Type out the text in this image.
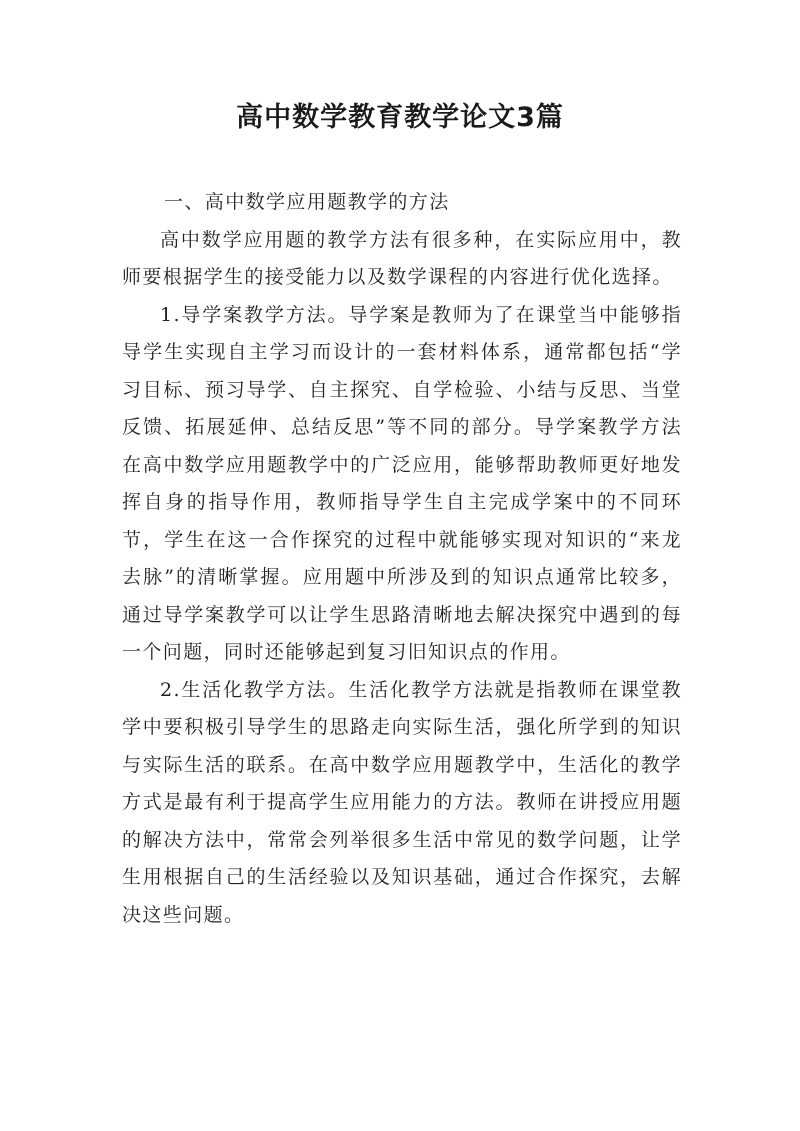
高中数学教育教学论文3篇

一、高中数学应用题教学的方法

高中数学应用题的教学方法有很多种，在实际应用中，教师要根据学生的接受能力以及数学课程的内容进行优化选择。

1.导学案教学方法。导学案是教师为了在课堂当中能够指导学生实现自主学习而设计的一套材料体系，通常都包括“学习目标、预习导学、自主探究、自学检验、小结与反思、当堂反馈、拓展延伸、总结反思”等不同的部分。导学案教学方法在高中数学应用题教学中的广泛应用，能够帮助教师更好地发挥自身的指导作用，教师指导学生自主完成学案中的不同环节，学生在这一合作探究的过程中就能够实现对知识的“来龙去脉”的清晰掌握。应用题中所涉及到的知识点通常比较多，通过导学案教学可以让学生思路清晰地去解决探究中遇到的每一个问题，同时还能够起到复习旧知识点的作用。

2.生活化教学方法。生活化教学方法就是指教师在课堂教学中要积极引导学生的思路走向实际生活，强化所学到的知识与实际生活的联系。在高中数学应用题教学中，生活化的教学方式是最有利于提高学生应用能力的方法。教师在讲授应用题的解决方法中，常常会列举很多生活中常见的数学问题，让学生用根据自己的生活经验以及知识基础，通过合作探究，去解决这些问题。
